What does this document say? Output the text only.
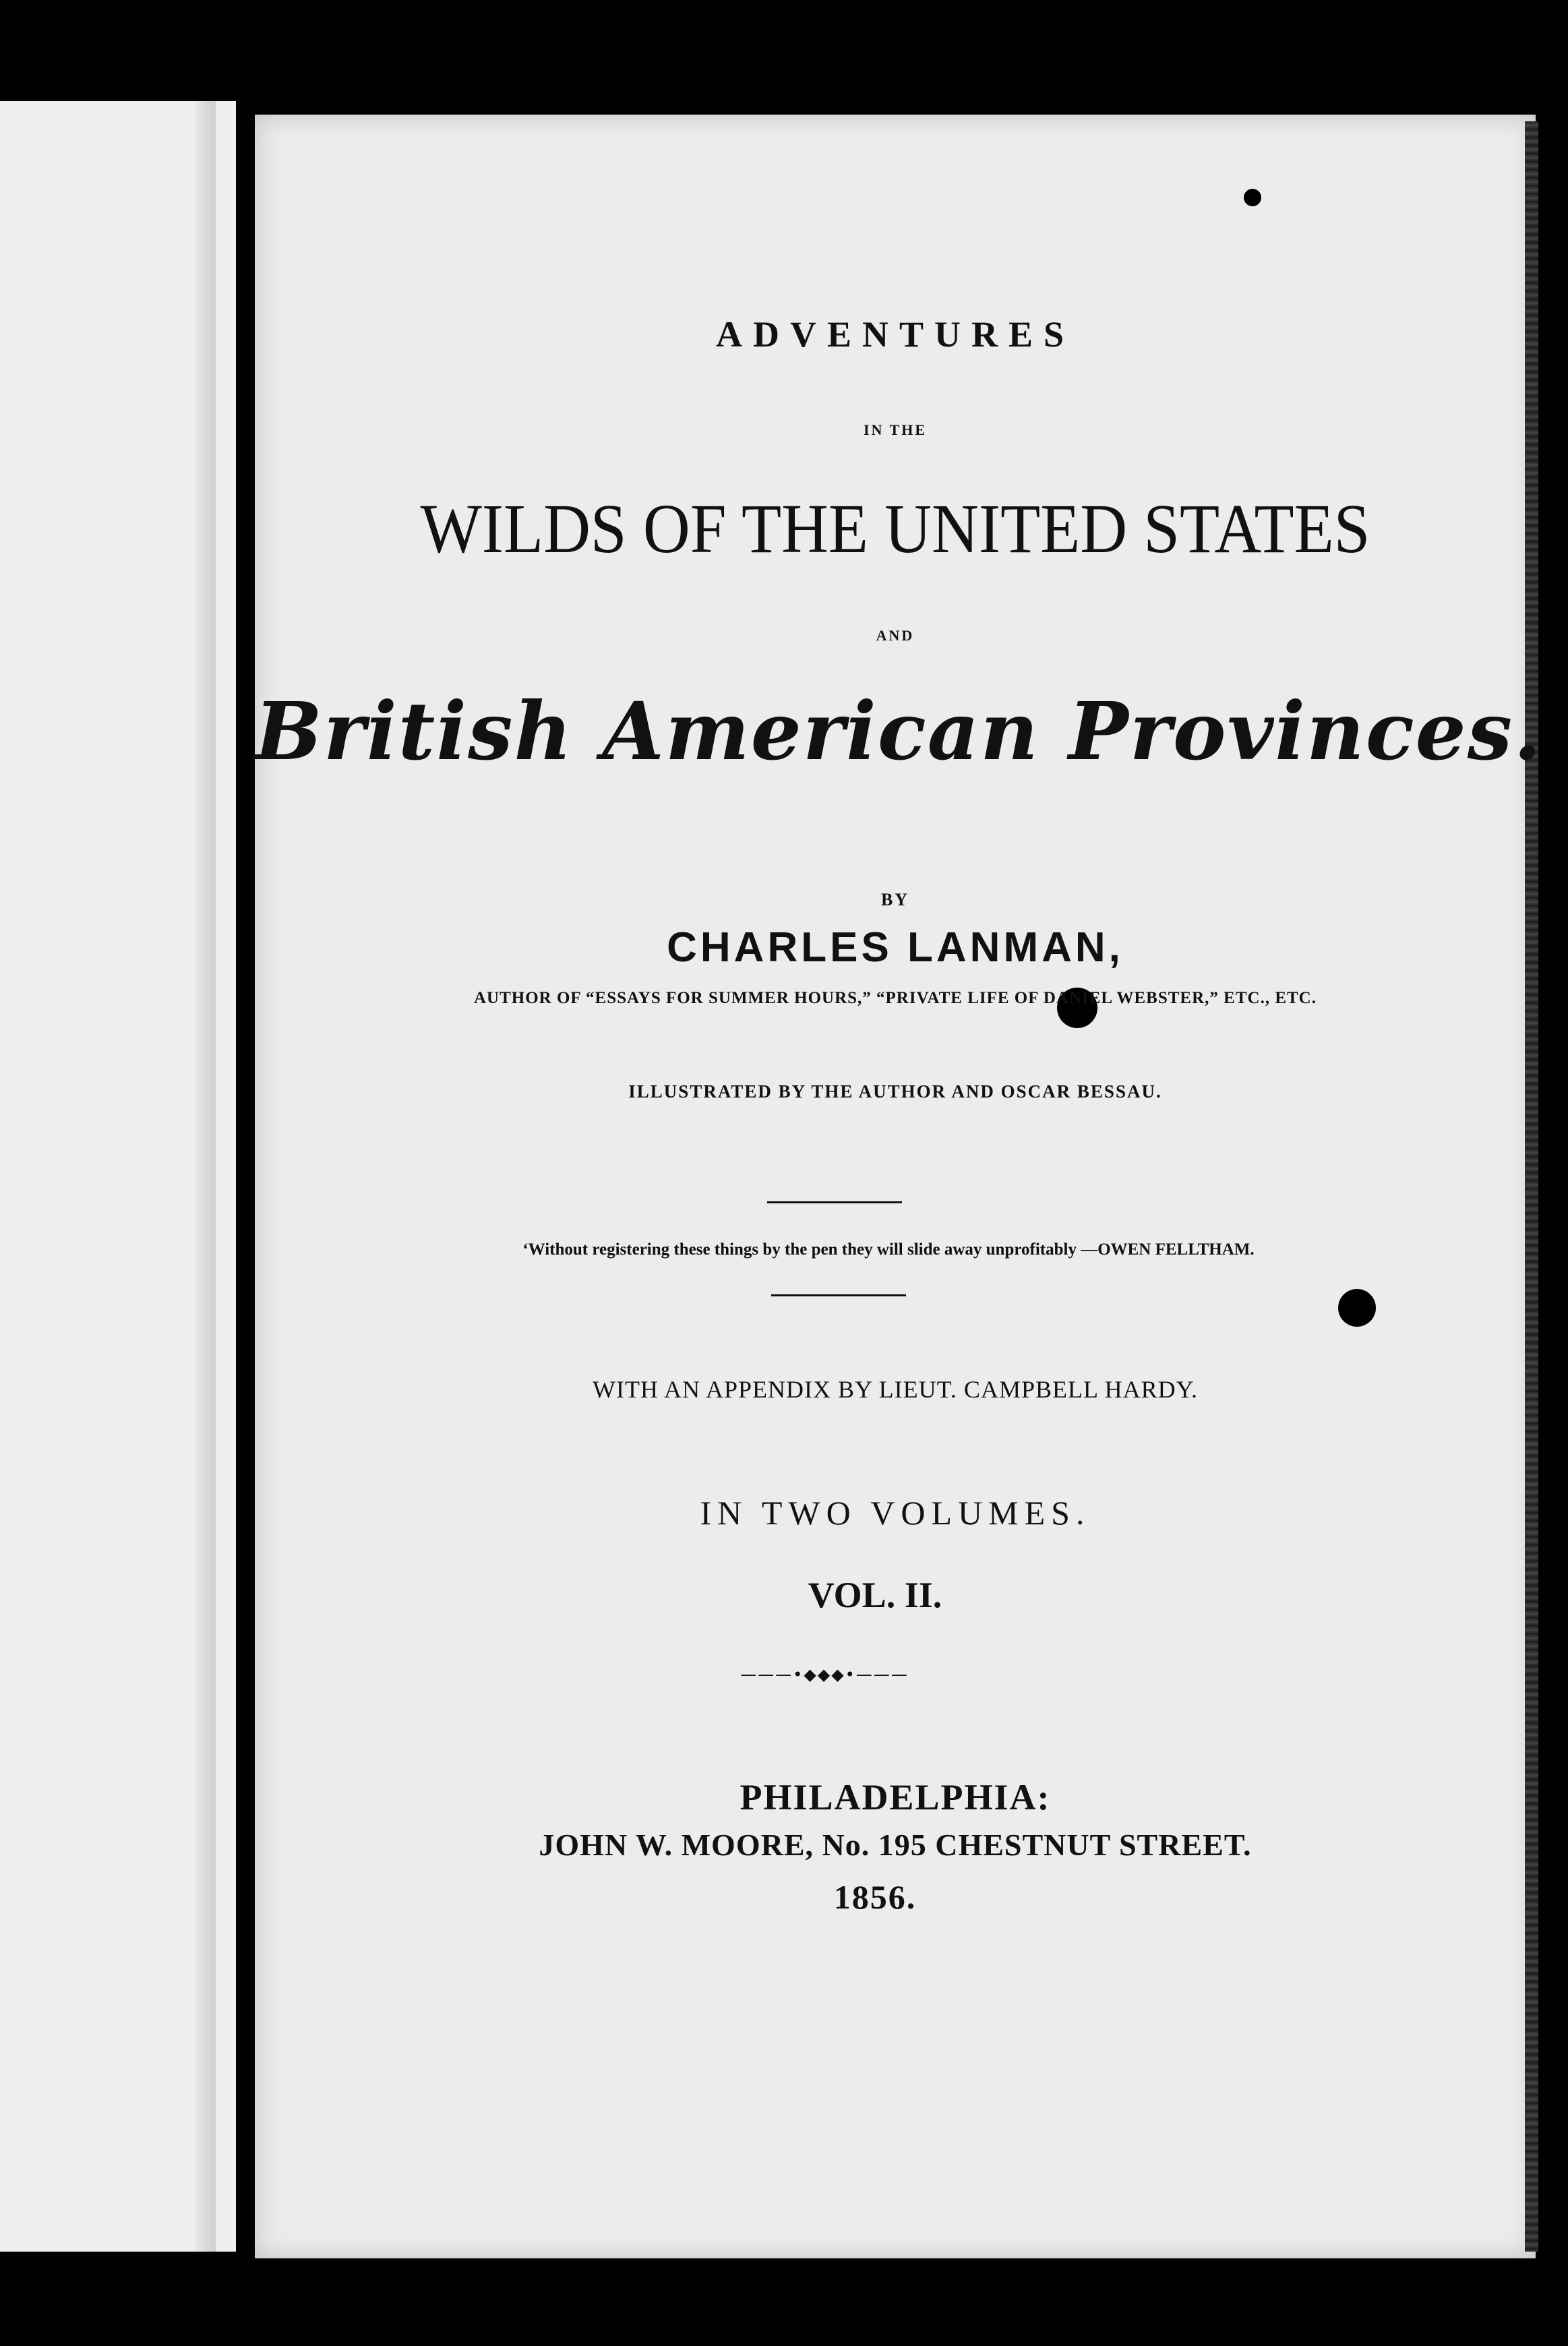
ADVENTURES
IN THE
WILDS OF THE UNITED STATES
AND
British American Provinces.
BY
CHARLES LANMAN,
AUTHOR OF “ESSAYS FOR SUMMER HOURS,” “PRIVATE LIFE OF DANIEL WEBSTER,” ETC., ETC.
ILLUSTRATED BY THE AUTHOR AND OSCAR BESSAU.
‘Without registering these things by the pen they will slide away unprofitably —OWEN FELLTHAM.
WITH AN APPENDIX BY LIEUT. CAMPBELL HARDY.
IN TWO VOLUMES.
VOL. II.
———•◆◆◆•———
PHILADELPHIA:
JOHN W. MOORE, No. 195 CHESTNUT STREET.
1856.
